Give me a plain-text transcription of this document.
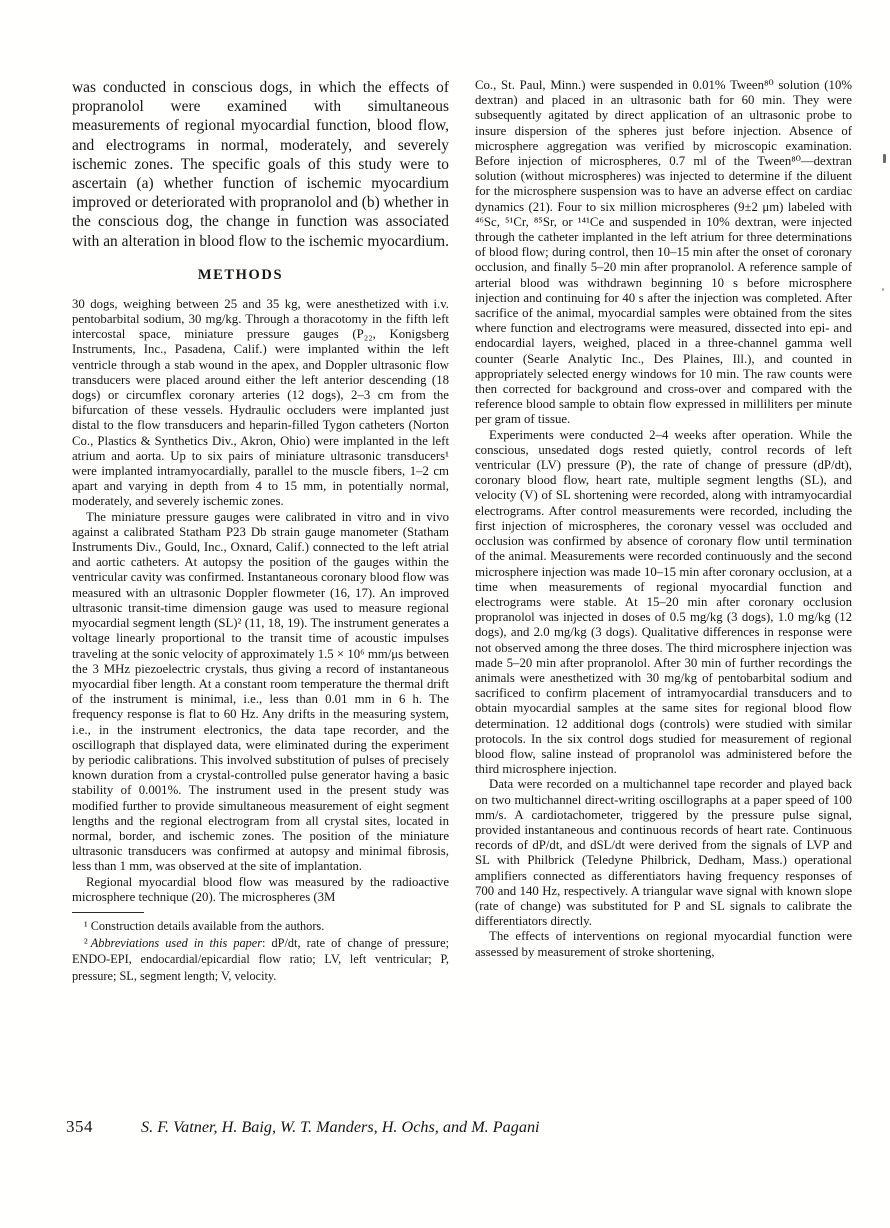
was conducted in conscious dogs, in which the effects of propranolol were examined with simultaneous measurements of regional myocardial function, blood flow, and electrograms in normal, moderately, and severely ischemic zones. The specific goals of this study were to ascertain (a) whether function of ischemic myocardium improved or deteriorated with propranolol and (b) whether in the conscious dog, the change in function was associated with an alteration in blood flow to the ischemic myocardium.

METHODS

30 dogs, weighing between 25 and 35 kg, were anesthetized with i.v. pentobarbital sodium, 30 mg/kg. Through a thoracotomy in the fifth left intercostal space, miniature pressure gauges (P₂₂, Konigsberg Instruments, Inc., Pasadena, Calif.) were implanted within the left ventricle through a stab wound in the apex, and Doppler ultrasonic flow transducers were placed around either the left anterior descending (18 dogs) or circumflex coronary arteries (12 dogs), 2–3 cm from the bifurcation of these vessels. Hydraulic occluders were implanted just distal to the flow transducers and heparin-filled Tygon catheters (Norton Co., Plastics & Synthetics Div., Akron, Ohio) were implanted in the left atrium and aorta. Up to six pairs of miniature ultrasonic transducers¹ were implanted intramyocardially, parallel to the muscle fibers, 1–2 cm apart and varying in depth from 4 to 15 mm, in potentially normal, moderately, and severely ischemic zones.

The miniature pressure gauges were calibrated in vitro and in vivo against a calibrated Statham P23 Db strain gauge manometer (Statham Instruments Div., Gould, Inc., Oxnard, Calif.) connected to the left atrial and aortic catheters. At autopsy the position of the gauges within the ventricular cavity was confirmed. Instantaneous coronary blood flow was measured with an ultrasonic Doppler flowmeter (16, 17). An improved ultrasonic transit-time dimension gauge was used to measure regional myocardial segment length (SL)² (11, 18, 19). The instrument generates a voltage linearly proportional to the transit time of acoustic impulses traveling at the sonic velocity of approximately 1.5 × 10⁶ mm/μs between the 3 MHz piezoelectric crystals, thus giving a record of instantaneous myocardial fiber length. At a constant room temperature the thermal drift of the instrument is minimal, i.e., less than 0.01 mm in 6 h. The frequency response is flat to 60 Hz. Any drifts in the measuring system, i.e., in the instrument electronics, the data tape recorder, and the oscillograph that displayed data, were eliminated during the experiment by periodic calibrations. This involved substitution of pulses of precisely known duration from a crystal-controlled pulse generator having a basic stability of 0.001%. The instrument used in the present study was modified further to provide simultaneous measurement of eight segment lengths and the regional electrogram from all crystal sites, located in normal, border, and ischemic zones. The position of the miniature ultrasonic transducers was confirmed at autopsy and minimal fibrosis, less than 1 mm, was observed at the site of implantation.

Regional myocardial blood flow was measured by the radioactive microsphere technique (20). The microspheres (3M

¹ Construction details available from the authors.

² Abbreviations used in this paper: dP/dt, rate of change of pressure; ENDO-EPI, endocardial/epicardial flow ratio; LV, left ventricular; P, pressure; SL, segment length; V, velocity.

Co., St. Paul, Minn.) were suspended in 0.01% Tween⁸⁰ solution (10% dextran) and placed in an ultrasonic bath for 60 min. They were subsequently agitated by direct application of an ultrasonic probe to insure dispersion of the spheres just before injection. Absence of microsphere aggregation was verified by microscopic examination. Before injection of microspheres, 0.7 ml of the Tween⁸⁰—dextran solution (without microspheres) was injected to determine if the diluent for the microsphere suspension was to have an adverse effect on cardiac dynamics (21). Four to six million microspheres (9±2 μm) labeled with ⁴⁶Sc, ⁵¹Cr, ⁸⁵Sr, or ¹⁴¹Ce and suspended in 10% dextran, were injected through the catheter implanted in the left atrium for three determinations of blood flow; during control, then 10–15 min after the onset of coronary occlusion, and finally 5–20 min after propranolol. A reference sample of arterial blood was withdrawn beginning 10 s before microsphere injection and continuing for 40 s after the injection was completed. After sacrifice of the animal, myocardial samples were obtained from the sites where function and electrograms were measured, dissected into epi- and endocardial layers, weighed, placed in a three-channel gamma well counter (Searle Analytic Inc., Des Plaines, Ill.), and counted in appropriately selected energy windows for 10 min. The raw counts were then corrected for background and cross-over and compared with the reference blood sample to obtain flow expressed in milliliters per minute per gram of tissue.

Experiments were conducted 2–4 weeks after operation. While the conscious, unsedated dogs rested quietly, control records of left ventricular (LV) pressure (P), the rate of change of pressure (dP/dt), coronary blood flow, heart rate, multiple segment lengths (SL), and velocity (V) of SL shortening were recorded, along with intramyocardial electrograms. After control measurements were recorded, including the first injection of microspheres, the coronary vessel was occluded and occlusion was confirmed by absence of coronary flow until termination of the animal. Measurements were recorded continuously and the second microsphere injection was made 10–15 min after coronary occlusion, at a time when measurements of regional myocardial function and electrograms were stable. At 15–20 min after coronary occlusion propranolol was injected in doses of 0.5 mg/kg (3 dogs), 1.0 mg/kg (12 dogs), and 2.0 mg/kg (3 dogs). Qualitative differences in response were not observed among the three doses. The third microsphere injection was made 5–20 min after propranolol. After 30 min of further recordings the animals were anesthetized with 30 mg/kg of pentobarbital sodium and sacrificed to confirm placement of intramyocardial transducers and to obtain myocardial samples at the same sites for regional blood flow determination. 12 additional dogs (controls) were studied with similar protocols. In the six control dogs studied for measurement of regional blood flow, saline instead of propranolol was administered before the third microsphere injection.

Data were recorded on a multichannel tape recorder and played back on two multichannel direct-writing oscillographs at a paper speed of 100 mm/s. A cardiotachometer, triggered by the pressure pulse signal, provided instantaneous and continuous records of heart rate. Continuous records of dP/dt, and dSL/dt were derived from the signals of LVP and SL with Philbrick (Teledyne Philbrick, Dedham, Mass.) operational amplifiers connected as differentiators having frequency responses of 700 and 140 Hz, respectively. A triangular wave signal with known slope (rate of change) was substituted for P and SL signals to calibrate the differentiators directly.

The effects of interventions on regional myocardial function were assessed by measurement of stroke shortening,

354	S. F. Vatner, H. Baig, W. T. Manders, H. Ochs, and M. Pagani
